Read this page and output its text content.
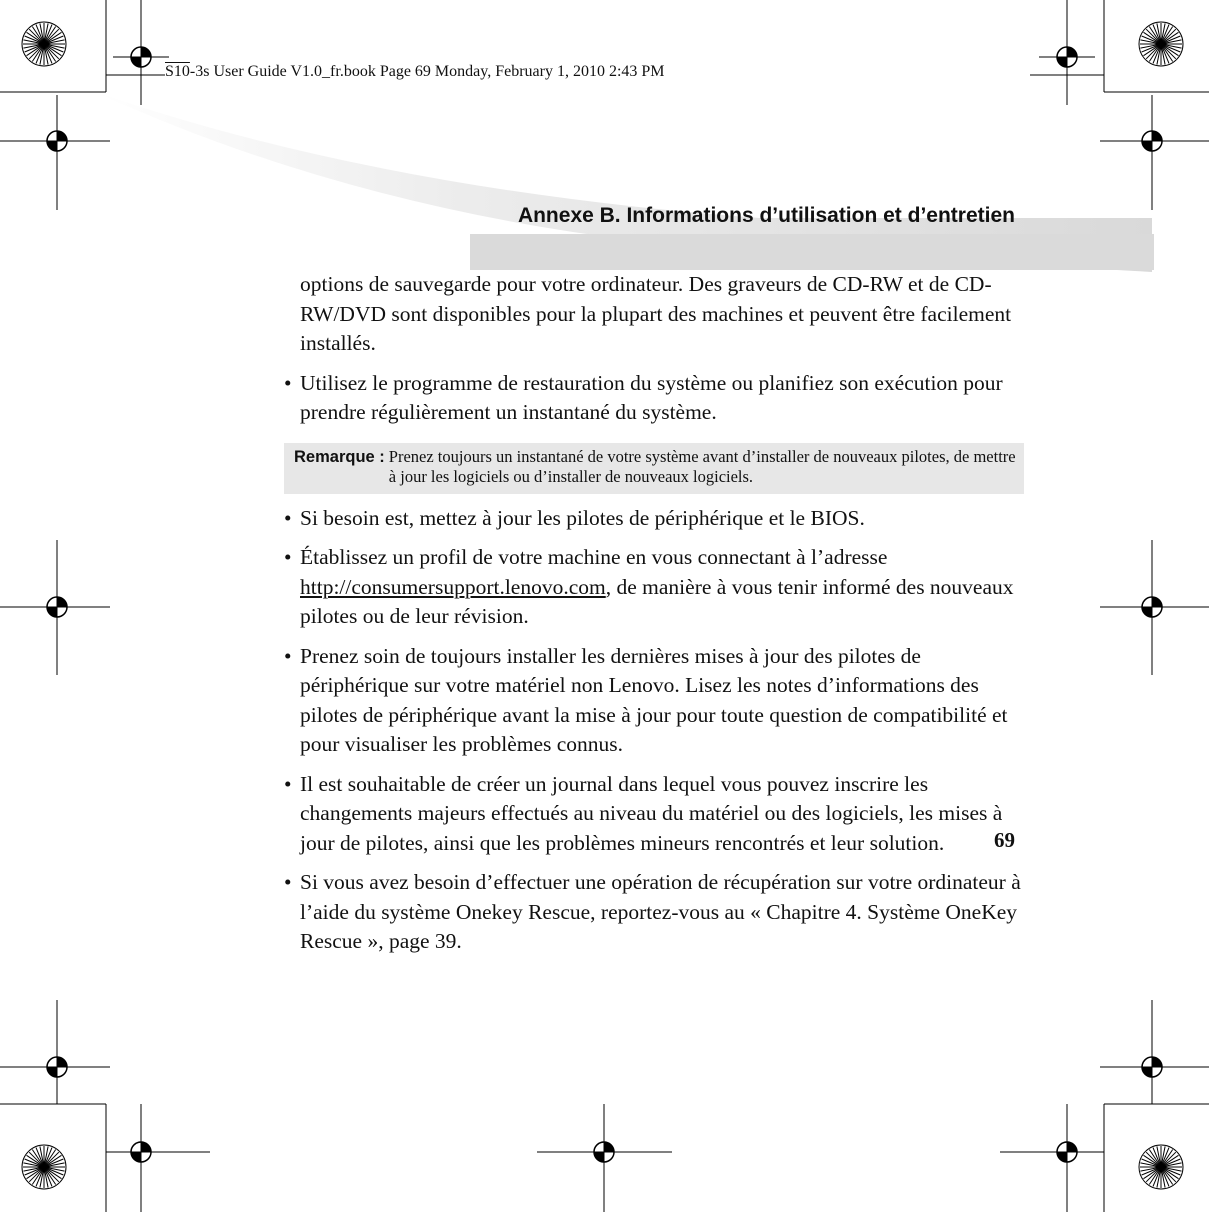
S10-3s User Guide V1.0_fr.book Page 69 Monday, February 1, 2010 2:43 PM
Annexe B. Informations d’utilisation et d’entretien

options de sauvegarde pour votre ordinateur. Des graveurs de CD-RW et de CD-RW/DVD sont disponibles pour la plupart des machines et peuvent être facilement installés.

• Utilisez le programme de restauration du système ou planifiez son exécution pour prendre régulièrement un instantané du système.
Remarque : Prenez toujours un instantané de votre système avant d’installer de nouveaux pilotes, de mettre à jour les logiciels ou d’installer de nouveaux logiciels.
• Si besoin est, mettez à jour les pilotes de périphérique et le BIOS.
• Établissez un profil de votre machine en vous connectant à l’adresse http://consumersupport.lenovo.com, de manière à vous tenir informé des nouveaux pilotes ou de leur révision.
• Prenez soin de toujours installer les dernières mises à jour des pilotes de périphérique sur votre matériel non Lenovo. Lisez les notes d’informations des pilotes de périphérique avant la mise à jour pour toute question de compatibilité et pour visualiser les problèmes connus.
• Il est souhaitable de créer un journal dans lequel vous pouvez inscrire les changements majeurs effectués au niveau du matériel ou des logiciels, les mises à jour de pilotes, ainsi que les problèmes mineurs rencontrés et leur solution.
• Si vous avez besoin d’effectuer une opération de récupération sur votre ordinateur à l’aide du système Onekey Rescue, reportez-vous au « Chapitre 4. Système OneKey Rescue », page 39.
69
